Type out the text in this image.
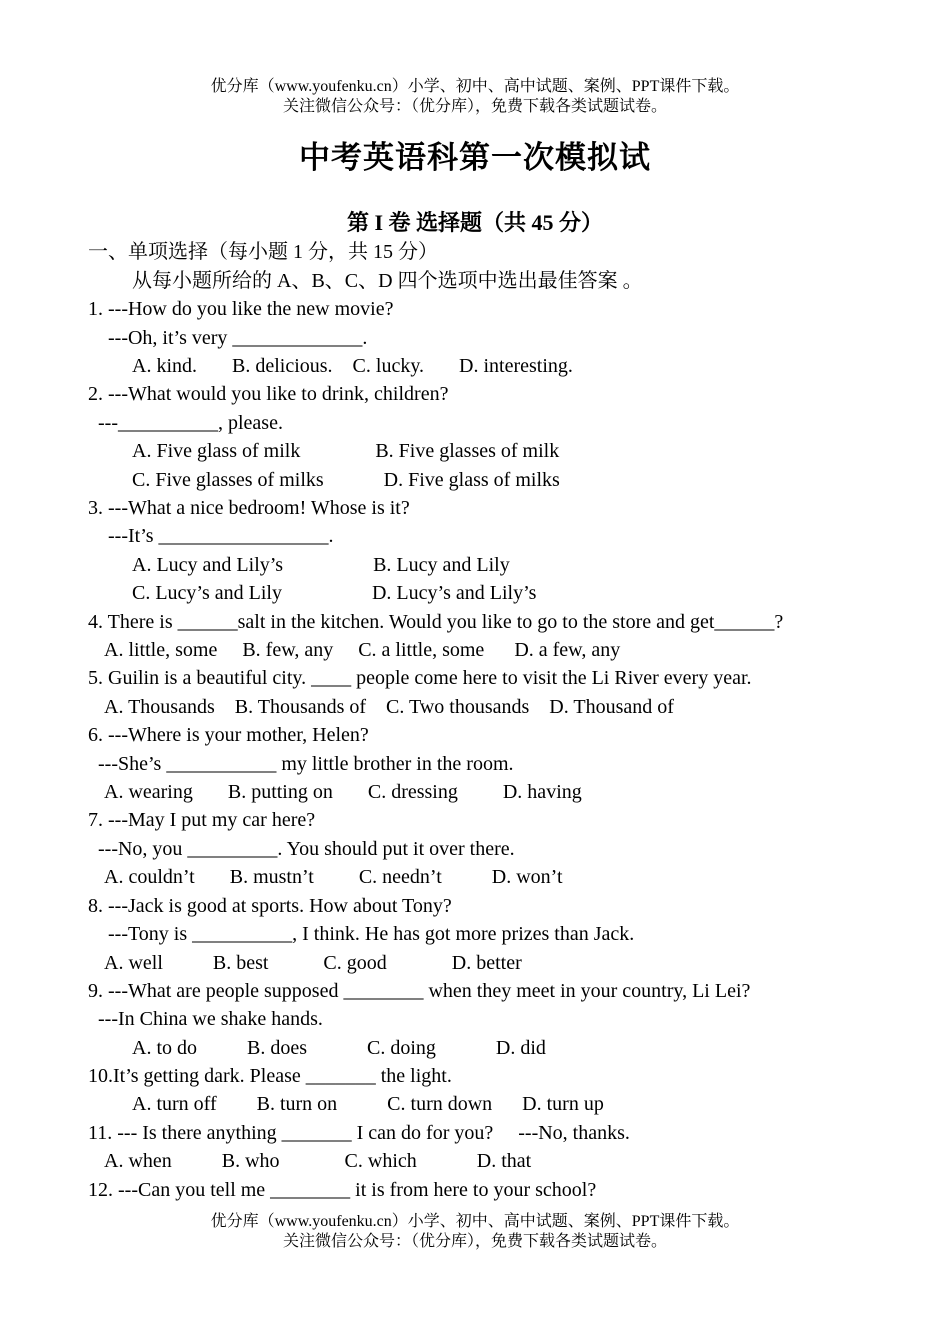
优分库（www.youfenku.cn）小学、初中、高中试题、案例、PPT课件下载。
关注微信公众号：（优分库），免费下载各类试题试卷。
中考英语科第一次模拟试
第 I 卷 选择题（共 45 分）
一、单项选择（每小题 1 分，共 15 分）
从每小题所给的 A、B、C、D 四个选项中选出最佳答案 。
1. ---How do you like the new movie?
---Oh, it’s very _____________.
A. kind.       B. delicious.    C. lucky.       D. interesting.
2. ---What would you like to drink, children?
---__________, please.
A. Five glass of milk               B. Five glasses of milk
C. Five glasses of milks            D. Five glass of milks
3. ---What a nice bedroom! Whose is it?
---It’s _________________.
A. Lucy and Lily’s                  B. Lucy and Lily
C. Lucy’s and Lily                  D. Lucy’s and Lily’s
4. There is ______salt in the kitchen. Would you like to go to the store and get______?
A. little, some     B. few, any     C. a little, some      D. a few, any
5. Guilin is a beautiful city. ____ people come here to visit the Li River every year.
A. Thousands    B. Thousands of    C. Two thousands    D. Thousand of
6. ---Where is your mother, Helen?
---She’s ___________ my little brother in the room.
A. wearing       B. putting on       C. dressing         D. having
7. ---May I put my car here?
---No, you _________. You should put it over there.
A. couldn’t       B. mustn’t         C. needn’t          D. won’t
8. ---Jack is good at sports. How about Tony?
---Tony is __________, I think. He has got more prizes than Jack.
A. well          B. best           C. good             D. better
9. ---What are people supposed ________ when they meet in your country, Li Lei?
---In China we shake hands.
A. to do          B. does            C. doing            D. did
10.It’s getting dark. Please _______ the light.
A. turn off        B. turn on          C. turn down      D. turn up
11. --- Is there anything _______ I can do for you?     ---No, thanks.
A. when          B. who             C. which            D. that
12. ---Can you tell me ________ it is from here to your school?
优分库（www.youfenku.cn）小学、初中、高中试题、案例、PPT课件下载。
关注微信公众号：（优分库），免费下载各类试题试卷。
